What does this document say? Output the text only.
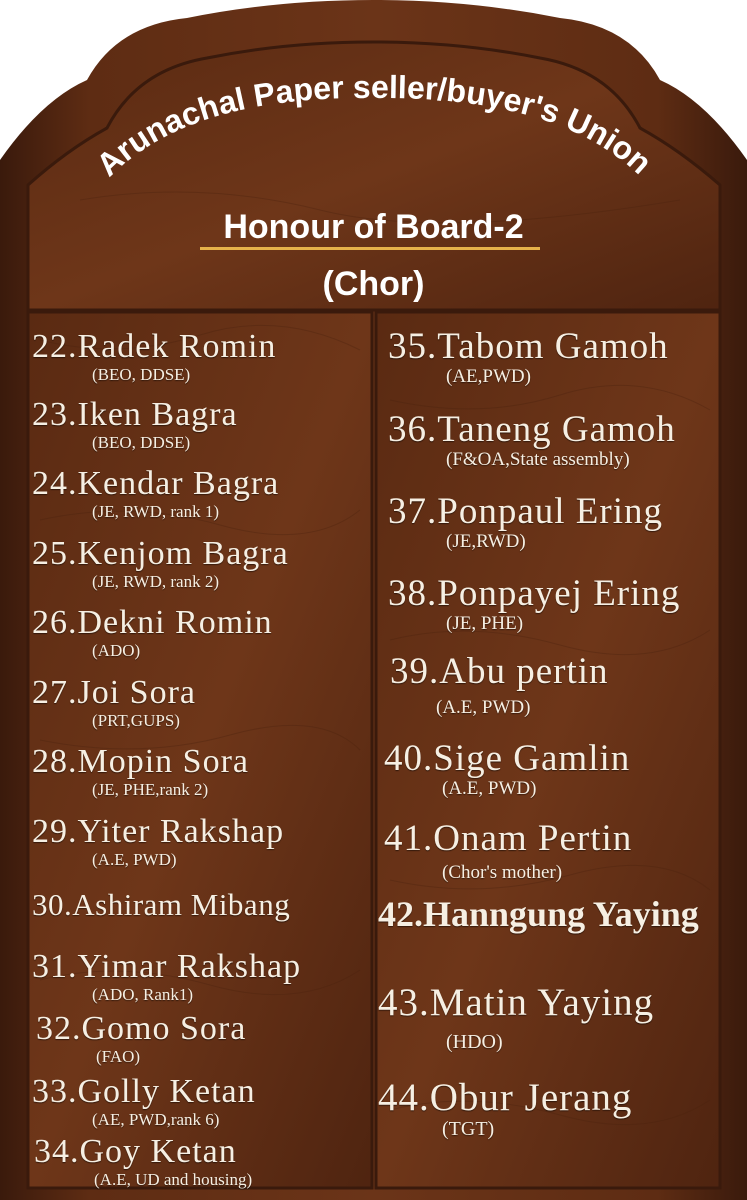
Arunachal Paper seller/buyer's Union
Honour of Board-2
(Chor)
22.Radek Romin
(BEO, DDSE)
23.Iken Bagra
(BEO, DDSE)
24.Kendar Bagra
(JE, RWD, rank 1)
25.Kenjom Bagra
(JE, RWD, rank 2)
26.Dekni Romin
(ADO)
27.Joi Sora
(PRT,GUPS)
28.Mopin Sora
(JE, PHE,rank 2)
29.Yiter Rakshap
(A.E, PWD)
30.Ashiram Mibang
31.Yimar Rakshap
(ADO, Rank1)
32.Gomo Sora
(FAO)
33.Golly Ketan
(AE, PWD,rank 6)
34.Goy Ketan
(A.E, UD and housing)
35.Tabom Gamoh
(AE,PWD)
36.Taneng Gamoh
(F&OA,State assembly)
37.Ponpaul Ering
(JE,RWD)
38.Ponpayej Ering
(JE, PHE)
39.Abu pertin
(A.E, PWD)
40.Sige Gamlin
(A.E, PWD)
41.Onam Pertin
(Chor's mother)
42.Hanngung Yaying
43.Matin Yaying
(HDO)
44.Obur Jerang
(TGT)
